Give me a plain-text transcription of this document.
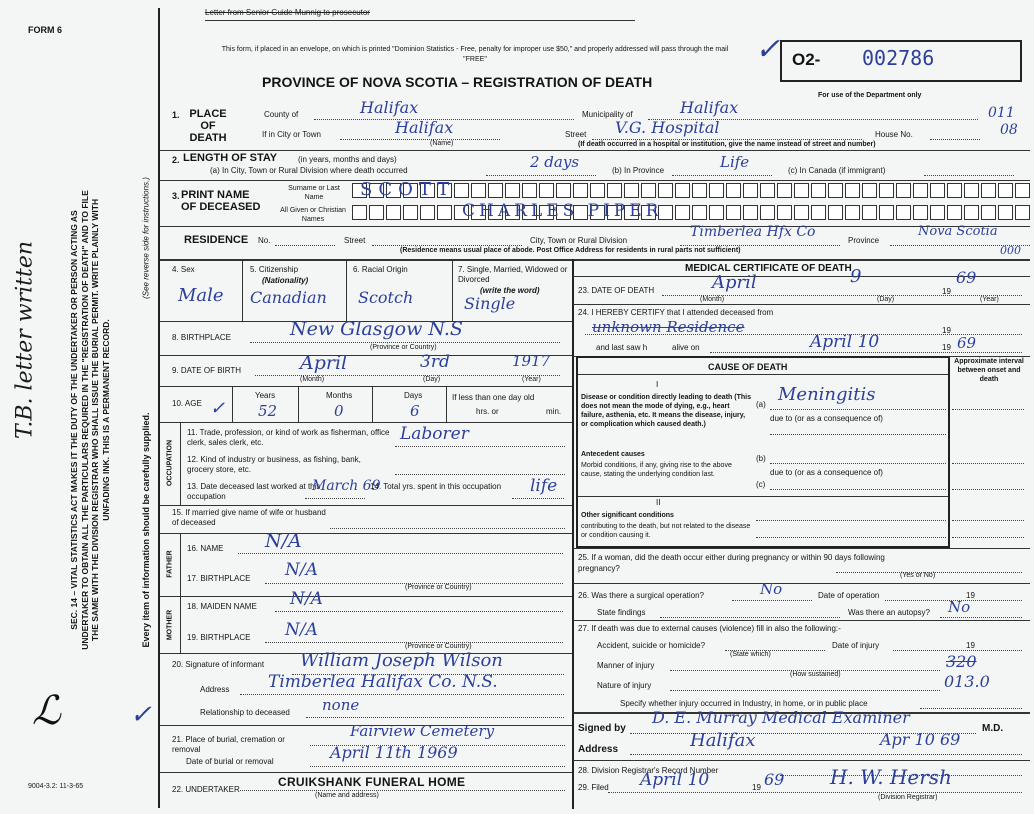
FORM 6
Letter from Senior Guide Munnig to prosecutor
This form, if placed in an envelope, on which is printed "Dominion Statistics - Free, penalty for improper use $50," and properly addressed will pass through the mail "FREE"
PROVINCE OF NOVA SCOTIA – REGISTRATION OF DEATH
O2- 002786
✓
For use of the Department only
011
08
000
SEC. 14 – VITAL STATISTICS ACT MAKES IT THE DUTY OF THE UNDERTAKER OR PERSON ACTING AS UNDERTAKER TO OBTAIN ALL THE PARTICULARS REQUIRED IN THE "REGISTRATION OF DEATH" AND TO FILE THE SAME WITH THE DIVISION REGISTRAR WHO SHALL ISSUE THE BURIAL PERMIT. WRITE PLAINLY WITH UNFADING INK. THIS IS A PERMANENT RECORD.
(See reverse side for instructions.)
Every item of information should be carefully supplied.
T.B. letter written
ℒ	✓
9004-3.2: 11-3-65
1. PLACE OF DEATH
County of	Halifax	Municipality of	Halifax
If in City or Town	Halifax
(Name)
Street V.G. Hospital	House No.
(If death occurred in a hospital or institution, give the name instead of street and number)
2. LENGTH OF STAY	(in years, months and days)
(a) In City, Town or Rural Division where death occurred	2 days	(b) In Province	Life	(c) In Canada (if immigrant)
3. PRINT NAME OF DECEASED
Surname or Last Name
All Given or Christian Names
SCOTT
CHARLES PIPER
RESIDENCE No.	Street	City, Town or Rural Division
Timberlea Hfx Co
Province
Nova Scotia
(Residence means usual place of abode. Post Office Address for residents in rural parts not sufficient)
4. Sex
Male
5. Citizenship
(Nationality)
Canadian
6. Racial Origin
Scotch
7. Single, Married, Widowed or Divorced
(write the word)
Single
8. BIRTHPLACE	New Glasgow N.S
(Province or Country)
9. DATE OF BIRTH	April	3rd	1917
(Month)	(Day)	(Year)
10. AGE ✓
Years
52
Months
0
Days
6
If less than one day old
hrs. or	min.
OCCUPATION
11. Trade, profession, or kind of work as fisherman, office clerk, sales clerk, etc.	Laborer
12. Kind of industry or business, as fishing, bank, grocery store, etc.
13. Date deceased last worked at this occupation
March 69
14. Total yrs. spent in this occupation	life
15. If married give name of wife or husband of deceased
FATHER
16. NAME N/A
17. BIRTHPLACE N/A
(Province or Country)
MOTHER
18. MAIDEN NAME N/A
19. BIRTHPLACE N/A
(Province or Country)
20. Signature of informant	William Joseph Wilson
Address Timberlea Halifax Co. N.S.
Relationship to deceased none
21. Place of burial, cremation or removal
Fairview Cemetery
Date of burial or removal	April 11th 1969
22. UNDERTAKER
CRUIKSHANK FUNERAL HOME
(Name and address)
MEDICAL CERTIFICATE OF DEATH
23. DATE OF DEATH	April	9
19
69
(Month)	(Day)	(Year)
24. I HEREBY CERTIFY that I attended deceased from
unknown Residence	19
and last saw h	alive on	April 10	19 69
CAUSE OF DEATH
Approximate interval between onset and death
I
Disease or condition directly leading to death (This does not mean the mode of dying, e.g., heart failure, asthenia, etc. It means the disease, injury, or complication which caused death.)
(a) Meningitis
due to (or as a consequence of)
Antecedent causes
Morbid conditions, if any, giving rise to the above cause, stating the underlying condition last.
(b)
due to (or as a consequence of)
(c)
II
Other significant conditions
contributing to the death, but not related to the disease or condition causing it.
25. If a woman, did the death occur either during pregnancy or within 90 days following pregnancy?
(Yes or No)
26. Was there a surgical operation?	No	Date of operation	19
State findings	Was there an autopsy? No
27. If death was due to external causes (violence) fill in also the following:-
Accident, suicide or homicide?	Date of injury	19
(State which)
Manner of injury	320
(How sustained)
Nature of injury	013.0
Specify whether injury occurred in Industry, in home, or in public place
Signed by
D. E. Murray Medical Examiner
M.D.
Address	Halifax	Apr 10 69
28. Division Registrar's Record Number
29. Filed April 10	19 69 H. W. Hersh
(Division Registrar)
